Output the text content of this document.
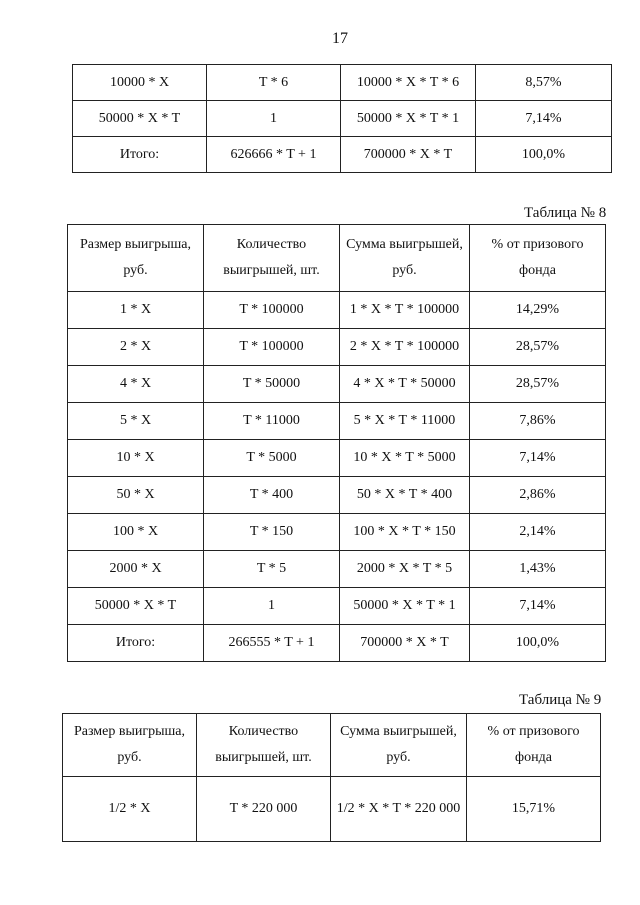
17
10000 * X	T * 6	10000 * X * T * 6	8,57%
50000 * X * T	1	50000 * X * T * 1	7,14%
Итого:	626666 * T + 1	700000 * X * T	100,0%
Таблица № 8
Размер выигрыша, руб.	Количество выигрышей, шт.	Сумма выигрышей, руб.	% от призового фонда
1 * X	T * 100000	1 * X * T * 100000	14,29%
2 * X	T * 100000	2 * X * T * 100000	28,57%
4 * X	T * 50000	4 * X * T * 50000	28,57%
5 * X	T * 11000	5 * X * T * 11000	7,86%
10 * X	T * 5000	10 * X * T * 5000	7,14%
50 * X	T * 400	50 * X * T * 400	2,86%
100 * X	T * 150	100 * X * T * 150	2,14%
2000 * X	T * 5	2000 * X * T * 5	1,43%
50000 * X * T	1	50000 * X * T * 1	7,14%
Итого:	266555 * T + 1	700000 * X * T	100,0%
Таблица № 9
Размер выигрыша, руб.	Количество выигрышей, шт.	Сумма выигрышей, руб.	% от призового фонда
1/2 * X	T * 220 000	1/2 * X * T * 220 000	15,71%
